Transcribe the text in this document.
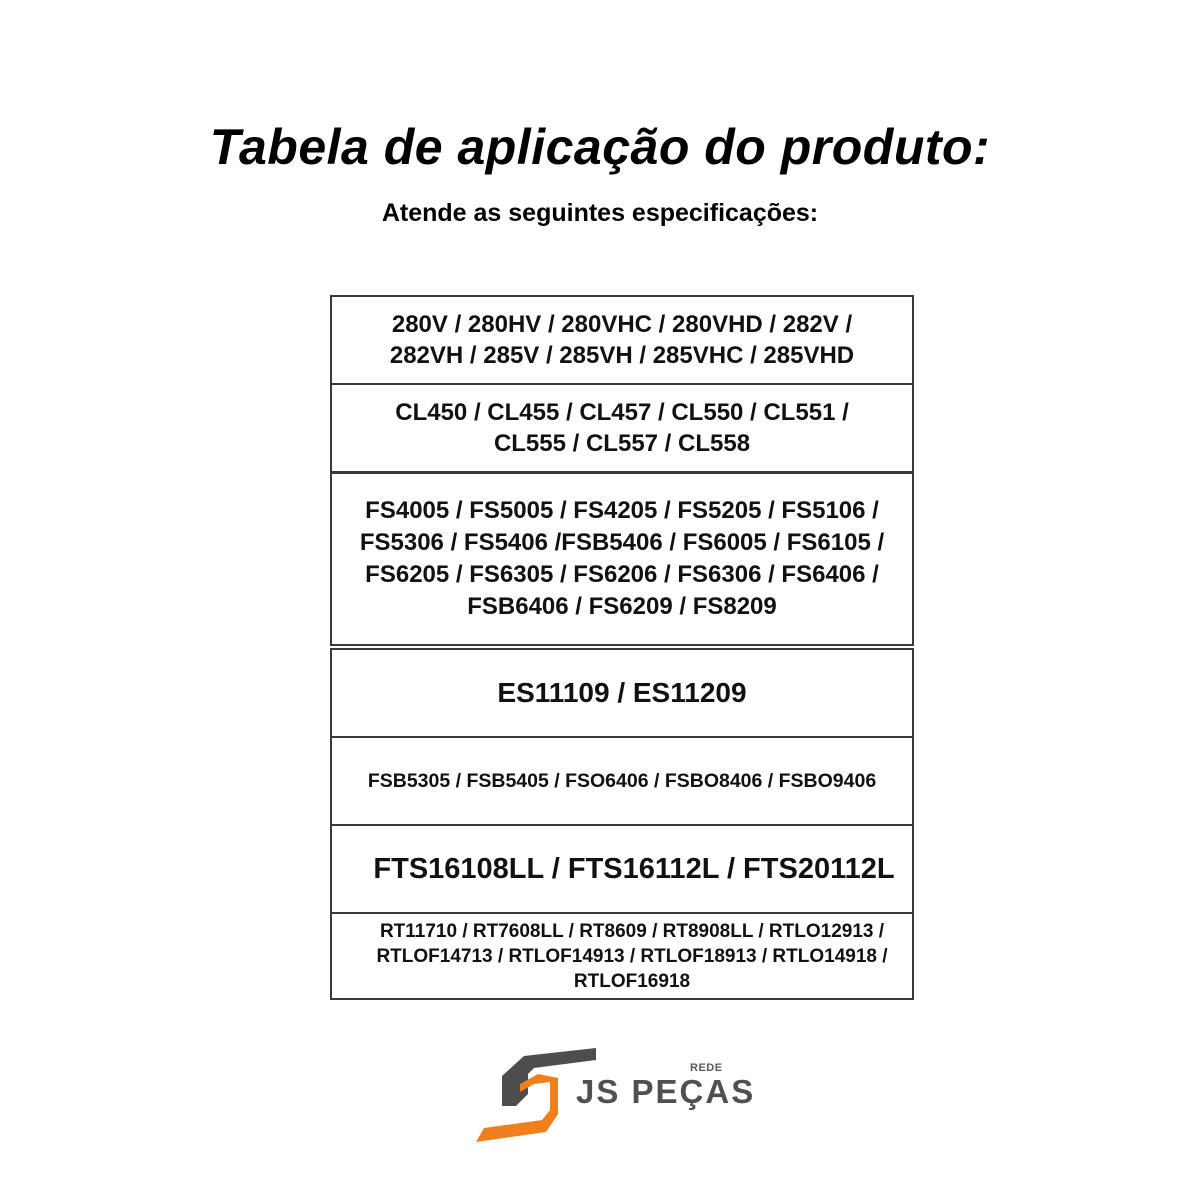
Tabela de aplicação do produto:
Atende as seguintes especificações:
280V / 280HV / 280VHC / 280VHD / 282V / 282VH / 285V / 285VH / 285VHC / 285VHD
CL450 / CL455 / CL457 / CL550 / CL551 / CL555 / CL557 / CL558
FS4005 / FS5005 / FS4205 / FS5205 / FS5106 / FS5306 / FS5406 /FSB5406 / FS6005 / FS6105 / FS6205 / FS6305 / FS6206 / FS6306 / FS6406 / FSB6406 / FS6209 / FS8209
ES11109 / ES11209
FSB5305 / FSB5405 / FSO6406 / FSBO8406 / FSBO9406
FTS16108LL / FTS16112L / FTS20112L
RT11710 / RT7608LL / RT8609 / RT8908LL / RTLO12913 / RTLOF14713 / RTLOF14913 / RTLOF18913 / RTLO14918 / RTLOF16918
REDE
JS PEÇAS
